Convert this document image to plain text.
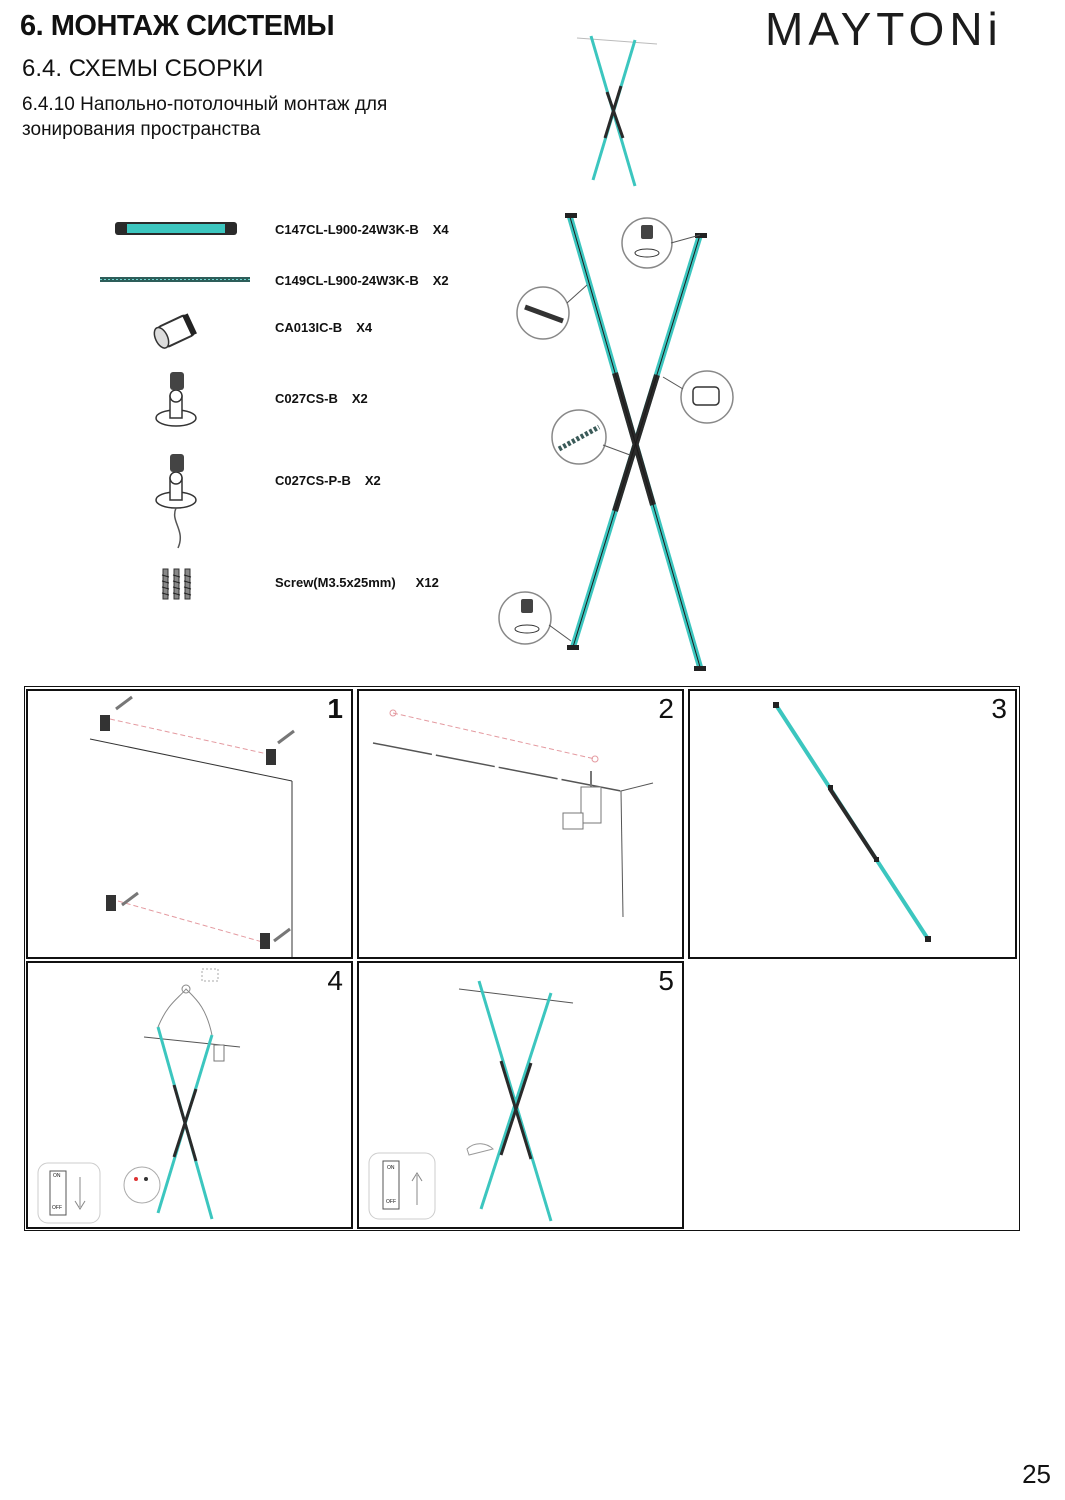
6. МОНТАЖ СИСТЕМЫ
6.4. СХЕМЫ СБОРКИ
6.4.10 Напольно-потолочный монтаж для зонирования пространства
MAYTONi
C147CL-L900-24W3K-B X4
C149CL-L900-24W3K-B X2
CA013IC-B X4
C027CS-B X2
C027CS-P-B X2
Screw(M3.5x25mm) X12
1	2	3
4
ON
OFF
5
ON
OFF
25
